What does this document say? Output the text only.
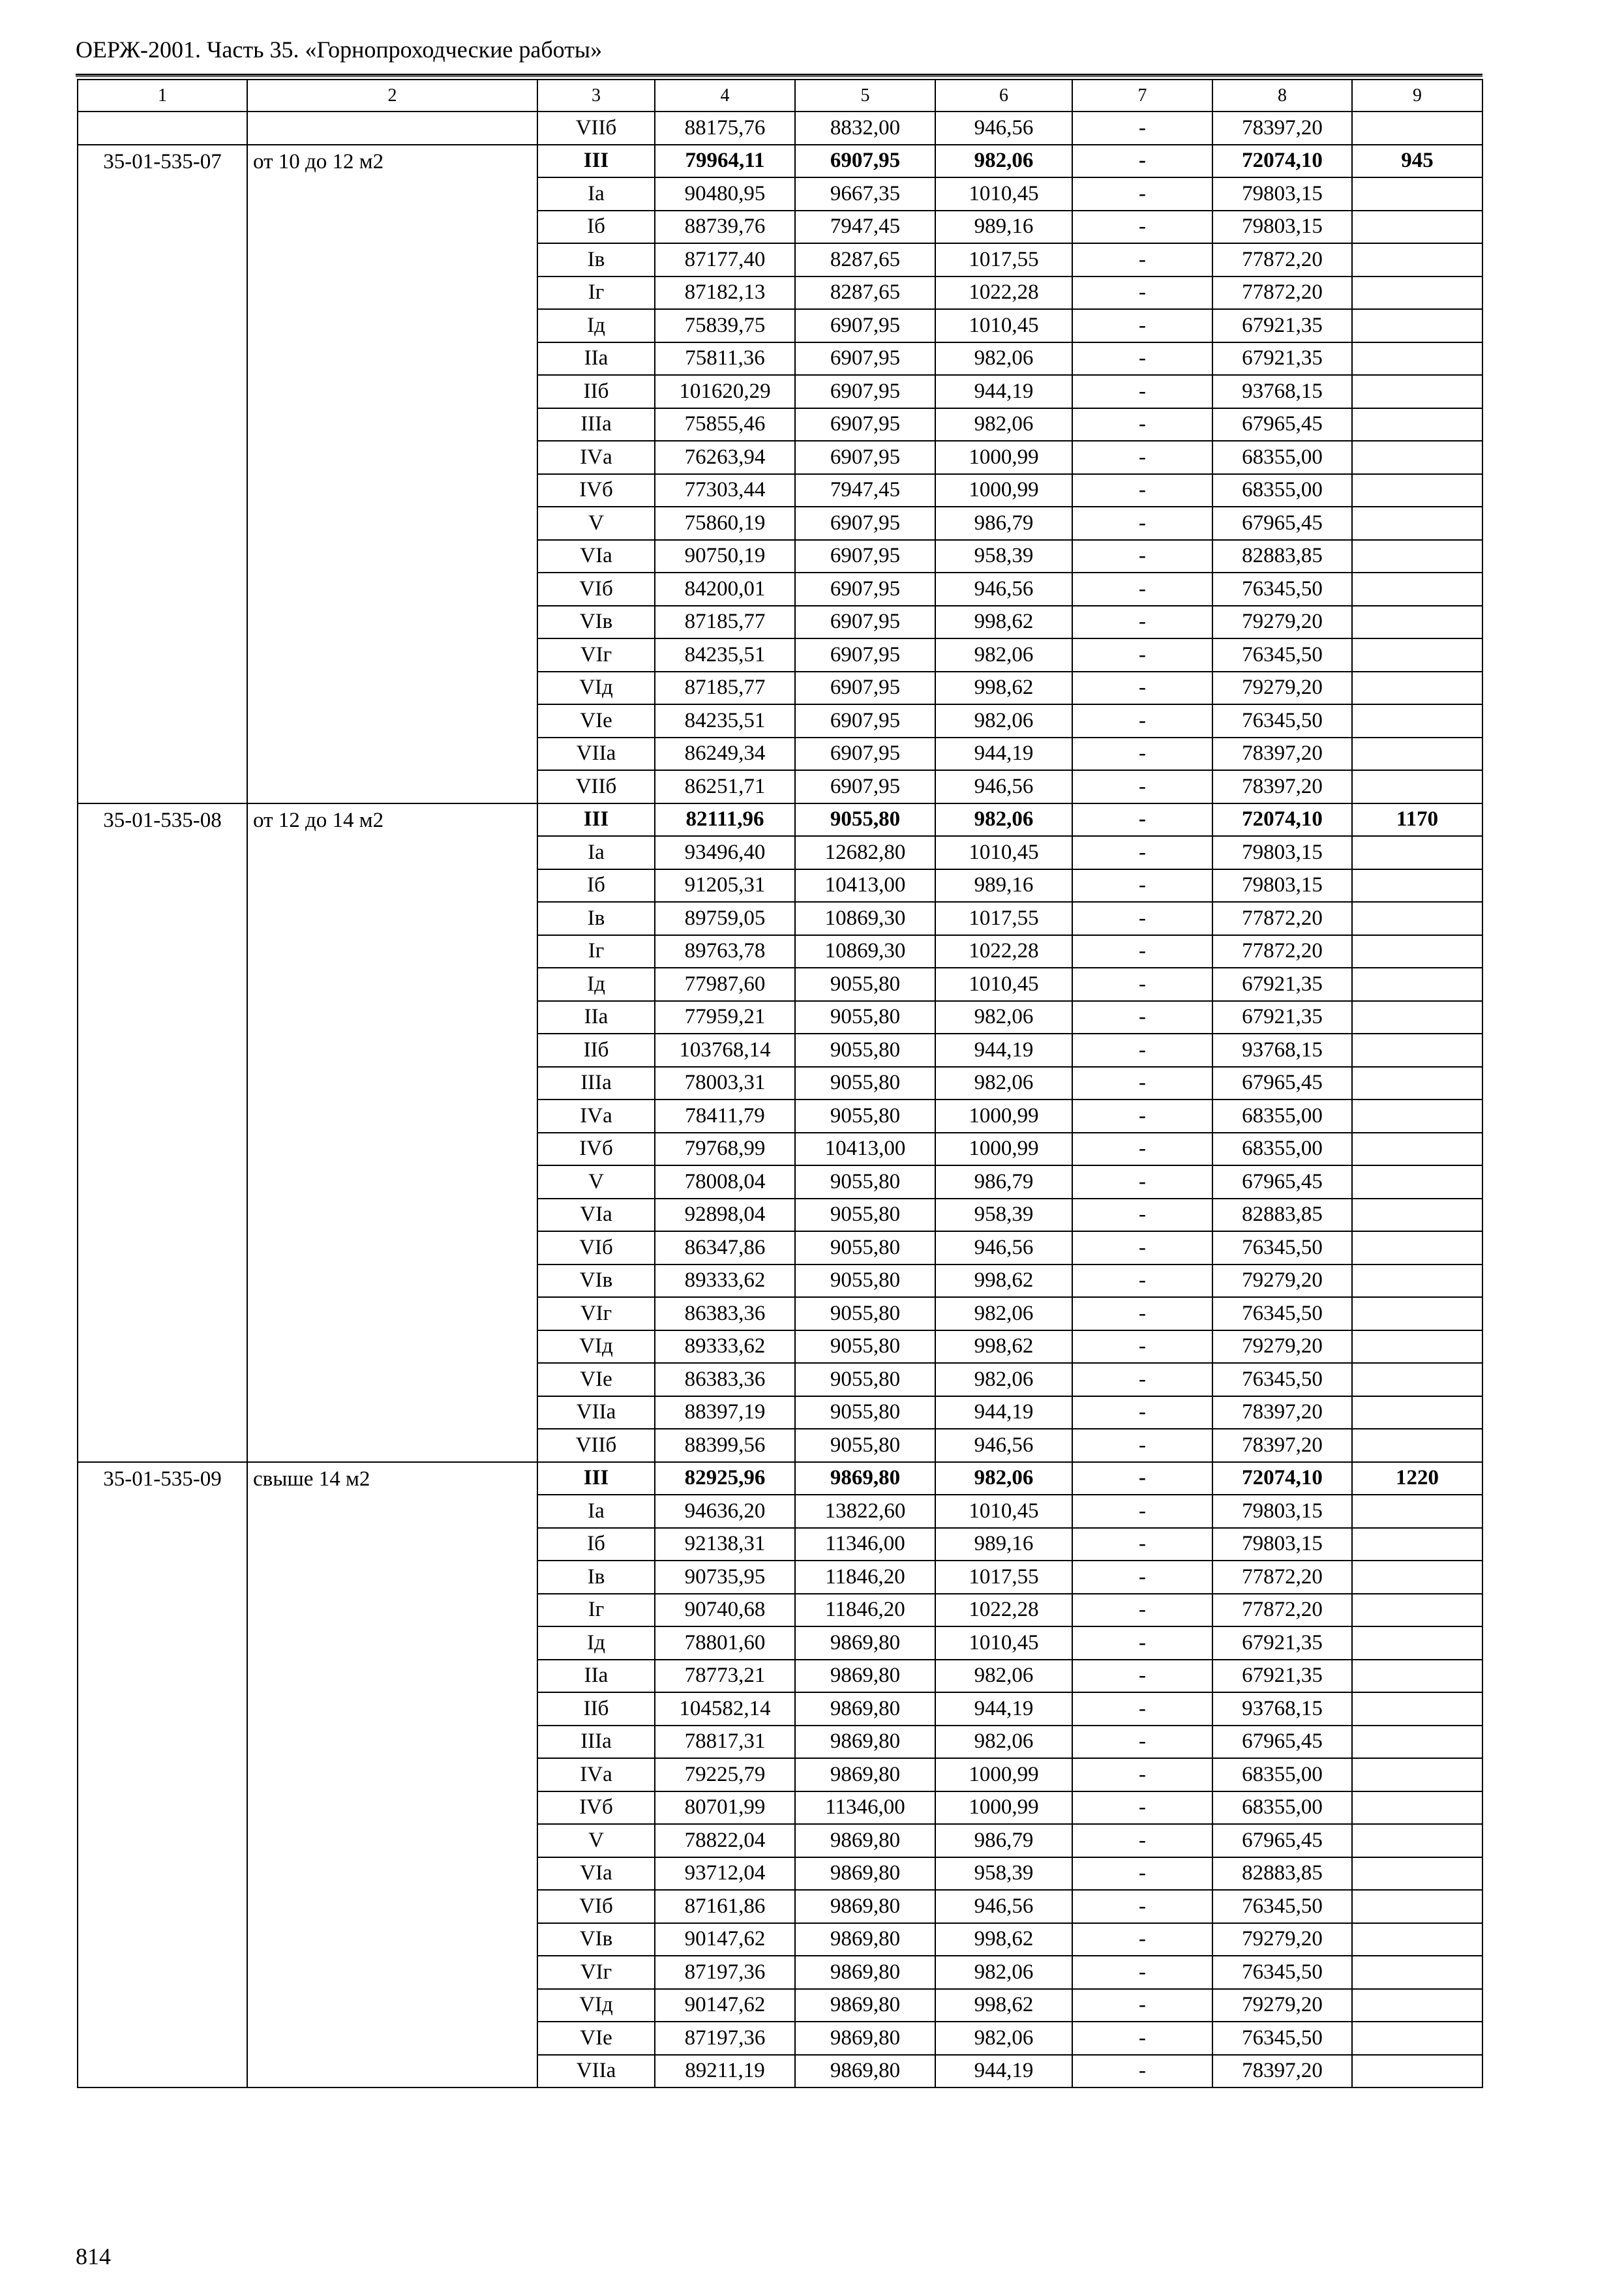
ОЕРЖ-2001. Часть 35. «Горнопроходческие работы»
1	2	3	4	5	6	7	8	9
		VIIб	88175,76	8832,00	946,56	-	78397,20	
35-01-535-07	от 10 до 12 м2	III	79964,11	6907,95	982,06	-	72074,10	945
		Iа	90480,95	9667,35	1010,45	-	79803,15	
		Iб	88739,76	7947,45	989,16	-	79803,15	
		Iв	87177,40	8287,65	1017,55	-	77872,20	
		Iг	87182,13	8287,65	1022,28	-	77872,20	
		Iд	75839,75	6907,95	1010,45	-	67921,35	
		IIа	75811,36	6907,95	982,06	-	67921,35	
		IIб	101620,29	6907,95	944,19	-	93768,15	
		IIIа	75855,46	6907,95	982,06	-	67965,45	
		IVа	76263,94	6907,95	1000,99	-	68355,00	
		IVб	77303,44	7947,45	1000,99	-	68355,00	
		V	75860,19	6907,95	986,79	-	67965,45	
		VIа	90750,19	6907,95	958,39	-	82883,85	
		VIб	84200,01	6907,95	946,56	-	76345,50	
		VIв	87185,77	6907,95	998,62	-	79279,20	
		VIг	84235,51	6907,95	982,06	-	76345,50	
		VIд	87185,77	6907,95	998,62	-	79279,20	
		VIе	84235,51	6907,95	982,06	-	76345,50	
		VIIа	86249,34	6907,95	944,19	-	78397,20	
		VIIб	86251,71	6907,95	946,56	-	78397,20	
35-01-535-08	от 12 до 14 м2	III	82111,96	9055,80	982,06	-	72074,10	1170
		Iа	93496,40	12682,80	1010,45	-	79803,15	
		Iб	91205,31	10413,00	989,16	-	79803,15	
		Iв	89759,05	10869,30	1017,55	-	77872,20	
		Iг	89763,78	10869,30	1022,28	-	77872,20	
		Iд	77987,60	9055,80	1010,45	-	67921,35	
		IIа	77959,21	9055,80	982,06	-	67921,35	
		IIб	103768,14	9055,80	944,19	-	93768,15	
		IIIа	78003,31	9055,80	982,06	-	67965,45	
		IVа	78411,79	9055,80	1000,99	-	68355,00	
		IVб	79768,99	10413,00	1000,99	-	68355,00	
		V	78008,04	9055,80	986,79	-	67965,45	
		VIа	92898,04	9055,80	958,39	-	82883,85	
		VIб	86347,86	9055,80	946,56	-	76345,50	
		VIв	89333,62	9055,80	998,62	-	79279,20	
		VIг	86383,36	9055,80	982,06	-	76345,50	
		VIд	89333,62	9055,80	998,62	-	79279,20	
		VIе	86383,36	9055,80	982,06	-	76345,50	
		VIIа	88397,19	9055,80	944,19	-	78397,20	
		VIIб	88399,56	9055,80	946,56	-	78397,20	
35-01-535-09	свыше 14 м2	III	82925,96	9869,80	982,06	-	72074,10	1220
		Iа	94636,20	13822,60	1010,45	-	79803,15	
		Iб	92138,31	11346,00	989,16	-	79803,15	
		Iв	90735,95	11846,20	1017,55	-	77872,20	
		Iг	90740,68	11846,20	1022,28	-	77872,20	
		Iд	78801,60	9869,80	1010,45	-	67921,35	
		IIа	78773,21	9869,80	982,06	-	67921,35	
		IIб	104582,14	9869,80	944,19	-	93768,15	
		IIIа	78817,31	9869,80	982,06	-	67965,45	
		IVа	79225,79	9869,80	1000,99	-	68355,00	
		IVб	80701,99	11346,00	1000,99	-	68355,00	
		V	78822,04	9869,80	986,79	-	67965,45	
		VIа	93712,04	9869,80	958,39	-	82883,85	
		VIб	87161,86	9869,80	946,56	-	76345,50	
		VIв	90147,62	9869,80	998,62	-	79279,20	
		VIг	87197,36	9869,80	982,06	-	76345,50	
		VIд	90147,62	9869,80	998,62	-	79279,20	
		VIе	87197,36	9869,80	982,06	-	76345,50	
		VIIа	89211,19	9869,80	944,19	-	78397,20	
814
